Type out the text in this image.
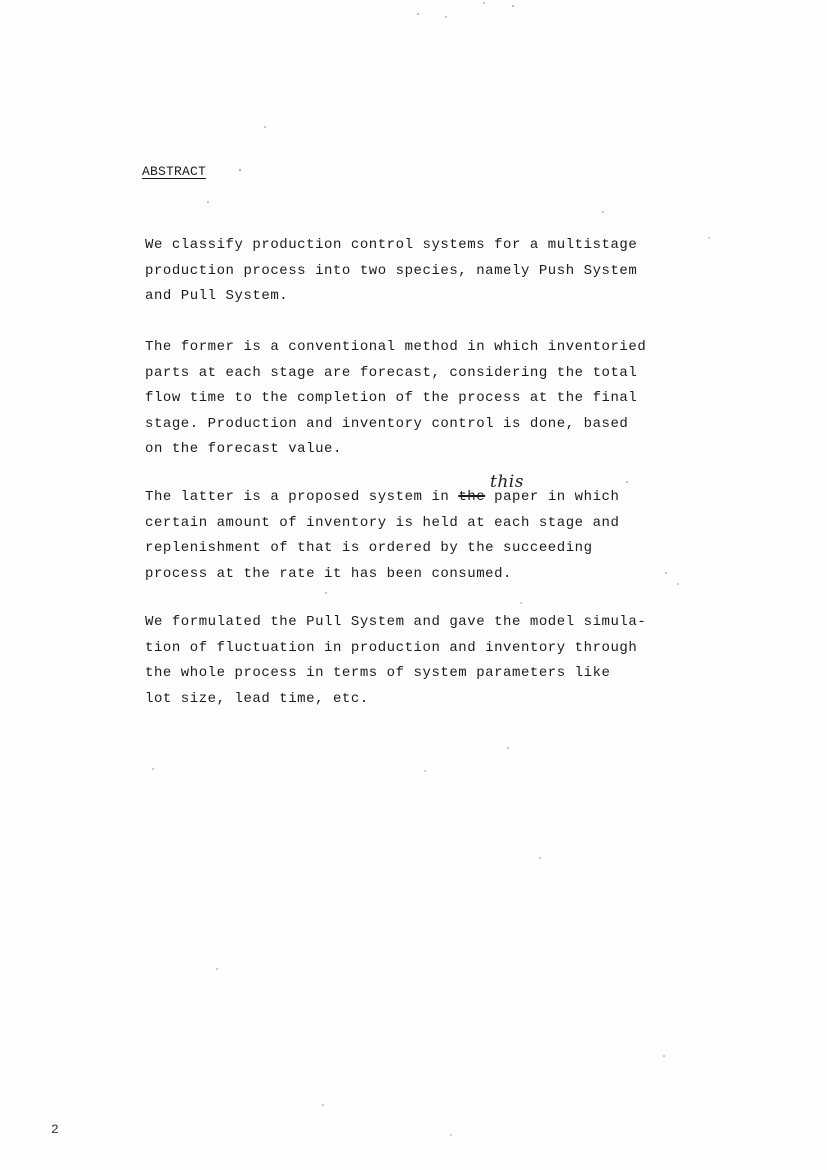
ABSTRACT

We classify production control systems for a multistage
production process into two species, namely Push System
and Pull System.

The former is a conventional method in which inventoried
parts at each stage are forecast, considering the total
flow time to the completion of the process at the final
stage. Production and inventory control is done, based
on the forecast value.

this

The latter is a proposed system in the paper in which
certain amount of inventory is held at each stage and
replenishment of that is ordered by the succeeding
process at the rate it has been consumed.

We formulated the Pull System and gave the model simula-
tion of fluctuation in production and inventory through
the whole process in terms of system parameters like
lot size, lead time, etc.

2
